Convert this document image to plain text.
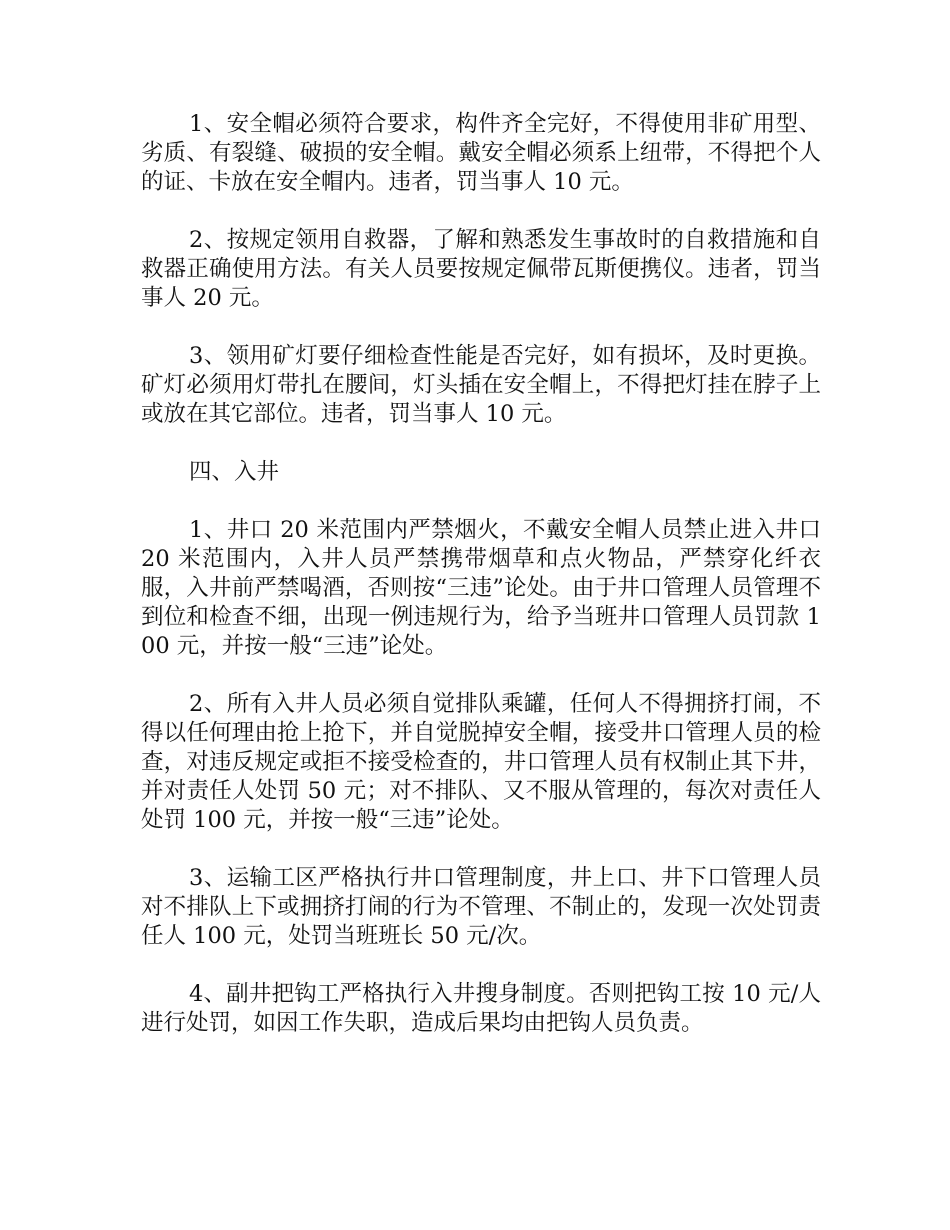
1、安全帽必须符合要求，构件齐全完好，不得使用非矿用型、劣质、有裂缝、破损的安全帽。戴安全帽必须系上纽带，不得把个人的证、卡放在安全帽内。违者，罚当事人 10 元。

2、按规定领用自救器，了解和熟悉发生事故时的自救措施和自救器正确使用方法。有关人员要按规定佩带瓦斯便携仪。违者，罚当事人 20 元。

3、领用矿灯要仔细检查性能是否完好，如有损坏，及时更换。矿灯必须用灯带扎在腰间，灯头插在安全帽上，不得把灯挂在脖子上或放在其它部位。违者，罚当事人 10 元。

四、入井

1、井口 20 米范围内严禁烟火，不戴安全帽人员禁止进入井口 20 米范围内，入井人员严禁携带烟草和点火物品，严禁穿化纤衣服，入井前严禁喝酒，否则按“三违”论处。由于井口管理人员管理不到位和检查不细，出现一例违规行为，给予当班井口管理人员罚款 100 元，并按一般“三违”论处。

2、所有入井人员必须自觉排队乘罐，任何人不得拥挤打闹，不得以任何理由抢上抢下，并自觉脱掉安全帽，接受井口管理人员的检查，对违反规定或拒不接受检查的，井口管理人员有权制止其下井，并对责任人处罚 50 元；对不排队、又不服从管理的，每次对责任人处罚 100 元，并按一般“三违”论处。

3、运输工区严格执行井口管理制度，井上口、井下口管理人员对不排队上下或拥挤打闹的行为不管理、不制止的，发现一次处罚责任人 100 元，处罚当班班长 50 元/次。

4、副井把钩工严格执行入井搜身制度。否则把钩工按 10 元/人进行处罚，如因工作失职，造成后果均由把钩人员负责。
